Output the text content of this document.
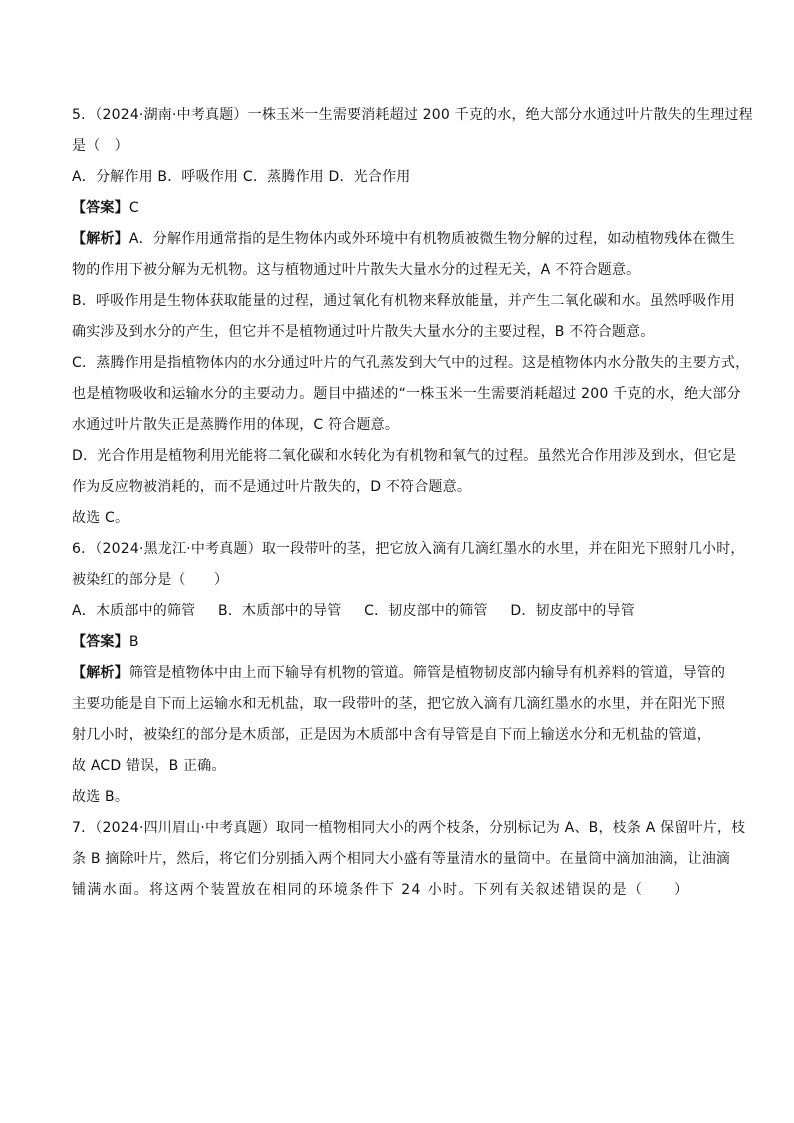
5．（2024·湖南·中考真题）一株玉米一生需要消耗超过 200 千克的水，绝大部分水通过叶片散失的生理过程
是（　）
A．分解作用 B．呼吸作用 C．蒸腾作用 D．光合作用
【答案】C
【解析】A．分解作用通常指的是生物体内或外环境中有机物质被微生物分解的过程，如动植物残体在微生
物的作用下被分解为无机物。这与植物通过叶片散失大量水分的过程无关，A 不符合题意。
B．呼吸作用是生物体获取能量的过程，通过氧化有机物来释放能量，并产生二氧化碳和水。虽然呼吸作用
确实涉及到水分的产生，但它并不是植物通过叶片散失大量水分的主要过程，B 不符合题意。
C．蒸腾作用是指植物体内的水分通过叶片的气孔蒸发到大气中的过程。这是植物体内水分散失的主要方式，
也是植物吸收和运输水分的主要动力。题目中描述的“一株玉米一生需要消耗超过 200 千克的水，绝大部分
水通过叶片散失正是蒸腾作用的体现，C 符合题意。
D．光合作用是植物利用光能将二氧化碳和水转化为有机物和氧气的过程。虽然光合作用涉及到水，但它是
作为反应物被消耗的，而不是通过叶片散失的，D 不符合题意。
故选 C。
6．（2024·黑龙江·中考真题）取一段带叶的茎，把它放入滴有几滴红墨水的水里，并在阳光下照射几小时，
被染红的部分是（　　）
A．木质部中的筛管 B．木质部中的导管 C．韧皮部中的筛管 D．韧皮部中的导管
【答案】B
【解析】筛管是植物体中由上而下输导有机物的管道。筛管是植物韧皮部内输导有机养料的管道，导管的
主要功能是自下而上运输水和无机盐，取一段带叶的茎，把它放入滴有几滴红墨水的水里，并在阳光下照
射几小时，被染红的部分是木质部，正是因为木质部中含有导管是自下而上输送水分和无机盐的管道，
故 ACD 错误，B 正确。
故选 B。
7．（2024·四川眉山·中考真题）取同一植物相同大小的两个枝条，分别标记为 A、B，枝条 A 保留叶片，枝
条 B 摘除叶片，然后，将它们分别插入两个相同大小盛有等量清水的量筒中。在量筒中滴加油滴，让油滴
铺满水面。将这两个装置放在相同的环境条件下 24 小时。下列有关叙述错误的是（　　）
